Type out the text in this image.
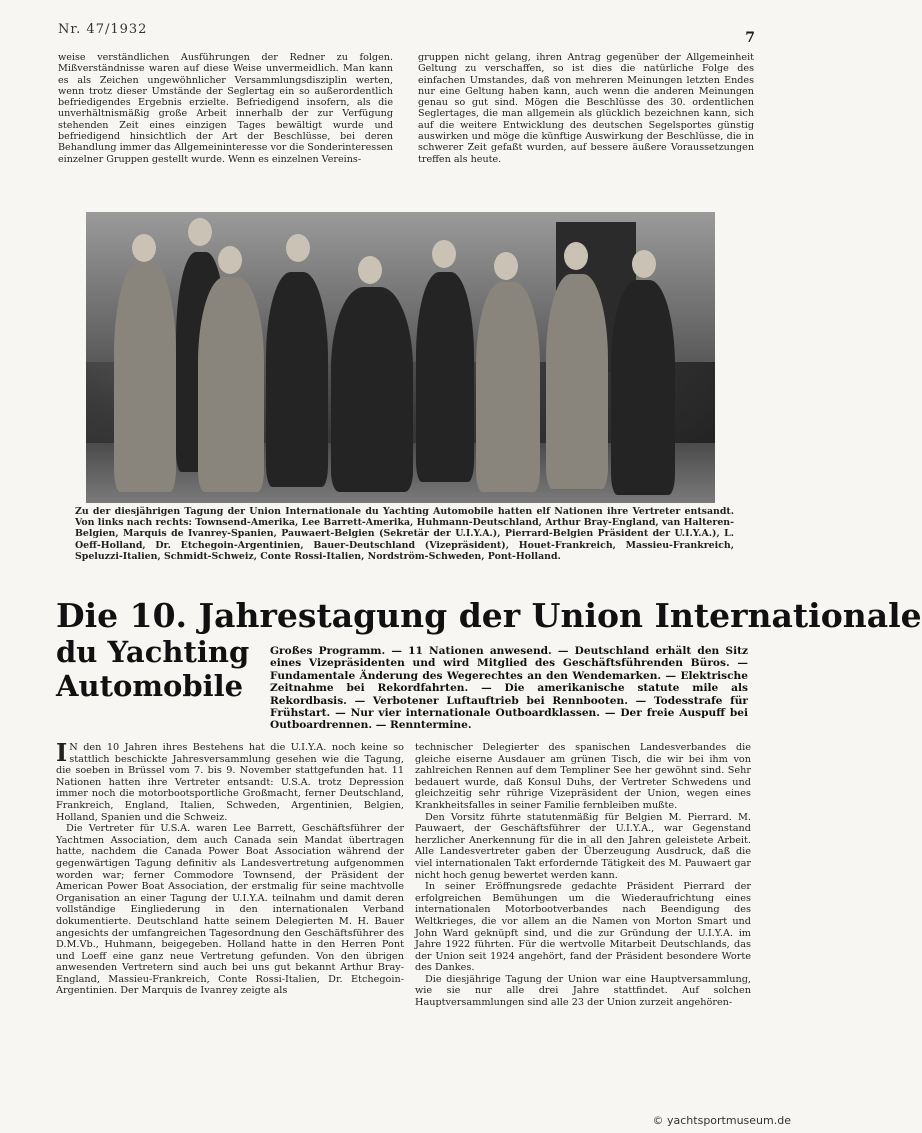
Nr. 47/1932
7

weise verständlichen Ausführungen der Redner zu folgen. Mißverständnisse waren auf diese Weise unvermeidlich. Man kann es als Zeichen ungewöhnlicher Versammlungsdisziplin werten, wenn trotz dieser Umstände der Seglertag ein so außerordentlich befriedigendes Ergebnis erzielte. Befriedigend insofern, als die unverhältnismäßig große Arbeit innerhalb der zur Verfügung stehenden Zeit eines einzigen Tages bewältigt wurde und befriedigend hinsichtlich der Art der Beschlüsse, bei deren Behandlung immer das Allgemeininteresse vor die Sonderinteressen einzelner Gruppen gestellt wurde. Wenn es einzelnen Vereins-

gruppen nicht gelang, ihren Antrag gegenüber der Allgemeinheit Geltung zu verschaffen, so ist dies die natürliche Folge des einfachen Umstandes, daß von mehreren Meinungen letzten Endes nur eine Geltung haben kann, auch wenn die anderen Meinungen genau so gut sind. Mögen die Beschlüsse des 30. ordentlichen Seglertages, die man allgemein als glücklich bezeichnen kann, sich auf die weitere Entwicklung des deutschen Segelsportes günstig auswirken und möge die künftige Auswirkung der Beschlüsse, die in schwerer Zeit gefaßt wurden, auf bessere äußere Voraussetzungen treffen als heute.

Zu der diesjährigen Tagung der Union Internationale du Yachting Automobile hatten elf Nationen ihre Vertreter entsandt. Von links nach rechts: Townsend-Amerika, Lee Barrett-Amerika, Huhmann-Deutschland, Arthur Bray-England, van Halteren-Belgien, Marquis de Ivanrey-Spanien, Pauwaert-Belgien (Sekretär der U.I.Y.A.), Pierrard-Belgien Präsident der U.I.Y.A.), L. Oeff-Holland, Dr. Etchegoin-Argentinien, Bauer-Deutschland (Vizepräsident), Houet-Frankreich, Massieu-Frankreich, Speluzzi-Italien, Schmidt-Schweiz, Conte Rossi-Italien, Nordström-Schweden, Pont-Holland.
Die 10. Jahrestagung der Union Internationale
du Yachting Automobile
Großes Programm. — 11 Nationen anwesend. — Deutschland erhält den Sitz eines Vizepräsidenten und wird Mitglied des Geschäftsführenden Büros. — Fundamentale Änderung des Wegerechtes an den Wendemarken. — Elektrische Zeitnahme bei Rekordfahrten. — Die amerikanische statute mile als Rekordbasis. — Verbotener Luftauftrieb bei Rennbooten. — Todesstrafe für Frühstart. — Nur vier internationale Outboardklassen. — Der freie Auspuff bei Outboardrennen. — Renntermine.

I N den 10 Jahren ihres Bestehens hat die U.I.Y.A. noch keine so stattlich beschickte Jahresversammlung gesehen wie die Tagung, die soeben in Brüssel vom 7. bis 9. November stattgefunden hat. 11 Nationen hatten ihre Vertreter entsandt: U.S.A. trotz Depression immer noch die motorbootsportliche Großmacht, ferner Deutschland, Frankreich, England, Italien, Schweden, Argentinien, Belgien, Holland, Spanien und die Schweiz.

Die Vertreter für U.S.A. waren Lee Barrett, Geschäftsführer der Yachtmen Association, dem auch Canada sein Mandat übertragen hatte, nachdem die Canada Power Boat Association während der gegenwärtigen Tagung definitiv als Landesvertretung aufgenommen worden war; ferner Commodore Townsend, der Präsident der American Power Boat Association, der erstmalig für seine machtvolle Organisation an einer Tagung der U.I.Y.A. teilnahm und damit deren vollständige Eingliederung in den internationalen Verband dokumentierte. Deutschland hatte seinem Delegierten M. H. Bauer angesichts der umfangreichen Tagesordnung den Geschäftsführer des D.M.Vb., Huhmann, beigegeben. Holland hatte in den Herren Pont und Loeff eine ganz neue Vertretung gefunden. Von den übrigen anwesenden Vertretern sind auch bei uns gut bekannt Arthur Bray-England, Massieu-Frankreich, Conte Rossi-Italien, Dr. Etchegoin-Argentinien. Der Marquis de Ivanrey zeigte als

technischer Delegierter des spanischen Landesverbandes die gleiche eiserne Ausdauer am grünen Tisch, die wir bei ihm von zahlreichen Rennen auf dem Templiner See her gewöhnt sind. Sehr bedauert wurde, daß Konsul Duhs, der Vertreter Schwedens und gleichzeitig sehr rührige Vizepräsident der Union, wegen eines Krankheitsfalles in seiner Familie fernbleiben mußte.

Den Vorsitz führte statutenmäßig für Belgien M. Pierrard. M. Pauwaert, der Geschäftsführer der U.I.Y.A., war Gegenstand herzlicher Anerkennung für die in all den Jahren geleistete Arbeit. Alle Landesvertreter gaben der Überzeugung Ausdruck, daß die viel internationalen Takt erfordernde Tätigkeit des M. Pauwaert gar nicht hoch genug bewertet werden kann.

In seiner Eröffnungsrede gedachte Präsident Pierrard der erfolgreichen Bemühungen um die Wiederaufrichtung eines internationalen Motorbootverbandes nach Beendigung des Weltkrieges, die vor allem an die Namen von Morton Smart und John Ward geknüpft sind, und die zur Gründung der U.I.Y.A. im Jahre 1922 führten. Für die wertvolle Mitarbeit Deutschlands, das der Union seit 1924 angehört, fand der Präsident besondere Worte des Dankes.

Die diesjährige Tagung der Union war eine Hauptversammlung, wie sie nur alle drei Jahre stattfindet. Auf solchen Hauptversammlungen sind alle 23 der Union zurzeit angehören-

© yachtsportmuseum.de
